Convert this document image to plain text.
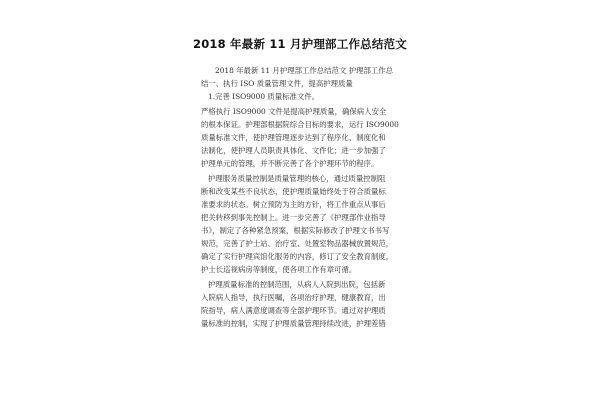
2018 年最新 11 月护理部工作总结范文
2018 年最新 11 月护理部工作总结范文 护理部工作总
结一、执行 ISO 质量管理文件，提高护理质量
1.完善 ISO9000 质量标准文件。
严格执行 ISO9000 文件是提高护理质量，确保病人安全
的根本保证。护理部根据院综合目标的要求，运行 ISO9000
质量标准文件，使护理管理逐步达到了程序化、制度化和
法制化，使护理人员职责具体化、文件化；进一步加强了
护理单元的管理，并不断完善了各个护理环节的程序。
护理服务质量控制是质量管理的核心，通过质量控制阻
断和改变某些不良状态，使护理质量始终处于符合质量标
准要求的状态。树立预防为主的方针，将工作重点从事后
把关转移到事先控制上。进一步完善了《护理部作业指导
书》，制定了各种紧急预案，根据实际修改了护理文书书写
规范，完善了护士站、治疗室、处置室物品器械放置规范，
确定了实行护理宾馆化服务的内容，修订了安全教育制度，
护士长巡视病房等制度，使各项工作有章可循。
护理质量标准的控制范围，从病人入院到出院，包括新
入院病人指导，执行医嘱，各项治疗护理，健康教育，出
院指导，病人满意度调查等全部护理环节。通过对护理质
量标准的控制，实现了护理质量管理持续改进，护理差错
